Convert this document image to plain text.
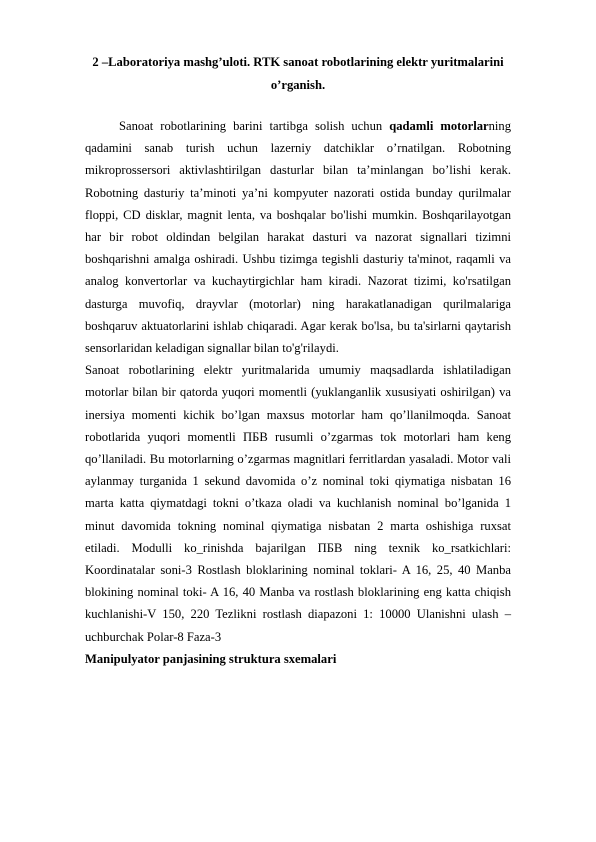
2 –Laboratoriya mashg’uloti. RTK sanoat robotlarining elektr yuritmalarini o’rganish.

Sanoat robotlarining barini tartibga solish uchun qadamli motorlarning qadamini sanab turish uchun lazerniy datchiklar o’rnatilgan. Robotning mikroprossersori aktivlashtirilgan dasturlar bilan ta’minlangan bo’lishi kerak. Robotning dasturiy ta’minoti ya’ni kompyuter nazorati ostida bunday qurilmalar floppi, CD disklar, magnit lenta, va boshqalar bo'lishi mumkin. Boshqarilayotgan har bir robot oldindan belgilan harakat dasturi va nazorat signallari tizimni boshqarishni amalga oshiradi. Ushbu tizimga tegishli dasturiy ta'minot, raqamli va analog konvertorlar va kuchaytirgichlar ham kiradi. Nazorat tizimi, ko'rsatilgan dasturga muvofiq, drayvlar (motorlar) ning harakatlanadigan qurilmalariga boshqaruv aktuatorlarini ishlab chiqaradi. Agar kerak bo'lsa, bu ta'sirlarni qaytarish sensorlaridan keladigan signallar bilan to'g'rilaydi.

Sanoat robotlarining elektr yuritmalarida umumiy maqsadlarda ishlatiladigan motorlar bilan bir qatorda yuqori momentli (yuklanganlik xususiyati oshirilgan) va inersiya momenti kichik bo’lgan maxsus motorlar ham qo’llanilmoqda. Sanoat robotlarida yuqori momentli ПБВ rusumli o’zgarmas tok motorlari ham keng qo’llaniladi. Bu motorlarning o’zgarmas magnitlari ferritlardan yasaladi. Motor vali aylanmay turganida 1 sekund davomida o’z nominal toki qiymatiga nisbatan 16 marta katta qiymatdagi tokni o’tkaza oladi va kuchlanish nominal bo’lganida 1 minut davomida tokning nominal qiymatiga nisbatan 2 marta oshishiga ruxsat etiladi. Modulli ko_rinishda bajarilgan ПБВ ning texnik ko_rsatkichlari: Koordinatalar soni-3 Rostlash bloklarining nominal toklari- A 16, 25, 40 Manba blokining nominal toki- A 16, 40 Manba va rostlash bloklarining eng katta chiqish kuchlanishi-V 150, 220 Tezlikni rostlash diapazoni 1: 10000 Ulanishni ulash – uchburchak Polar-8 Faza-3

Manipulyator panjasining struktura sxemalari
